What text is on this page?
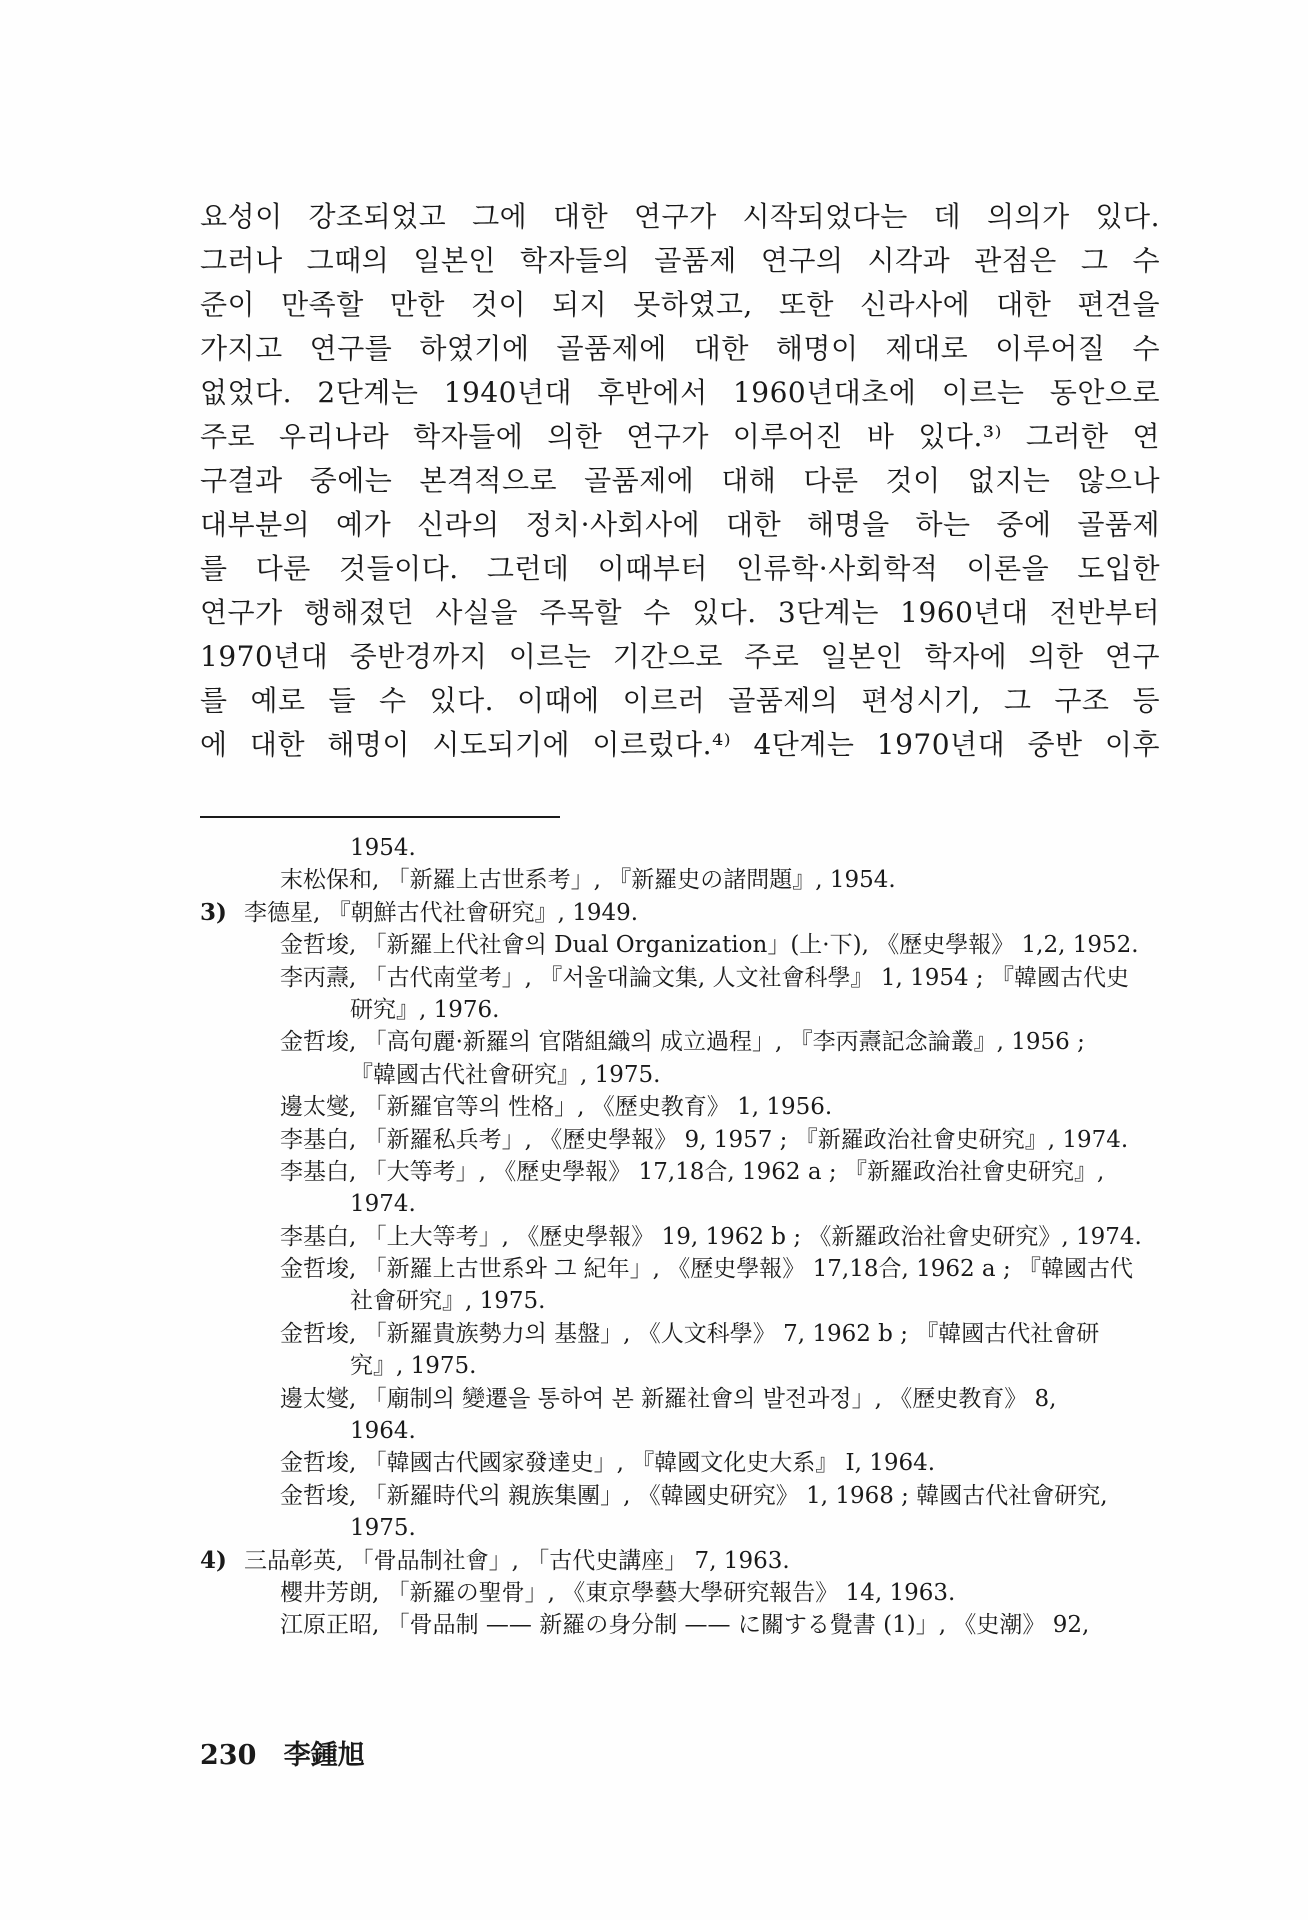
요성이 강조되었고 그에 대한 연구가 시작되었다는 데 의의가 있다.
그러나 그때의 일본인 학자들의 골품제 연구의 시각과 관점은 그 수
준이 만족할 만한 것이 되지 못하였고, 또한 신라사에 대한 편견을
가지고 연구를 하였기에 골품제에 대한 해명이 제대로 이루어질 수
없었다. 2단계는 1940년대 후반에서 1960년대초에 이르는 동안으로
주로 우리나라 학자들에 의한 연구가 이루어진 바 있다.³⁾ 그러한 연
구결과 중에는 본격적으로 골품제에 대해 다룬 것이 없지는 않으나
대부분의 예가 신라의 정치·사회사에 대한 해명을 하는 중에 골품제
를 다룬 것들이다. 그런데 이때부터 인류학·사회학적 이론을 도입한
연구가 행해졌던 사실을 주목할 수 있다. 3단계는 1960년대 전반부터
1970년대 중반경까지 이르는 기간으로 주로 일본인 학자에 의한 연구
를 예로 들 수 있다. 이때에 이르러 골품제의 편성시기, 그 구조 등
에 대한 해명이 시도되기에 이르렀다.⁴⁾ 4단계는 1970년대 중반 이후
1954.
末松保和, 「新羅上古世系考」, 『新羅史の諸問題』, 1954.
3) 李德星, 『朝鮮古代社會研究』, 1949.
金哲埈, 「新羅上代社會의 Dual Organization」(上·下), 《歷史學報》 1,2, 1952.
李丙燾, 「古代南堂考」, 『서울대論文集, 人文社會科學』 1, 1954 ; 『韓國古代史
研究』, 1976.
金哲埈, 「高句麗·新羅의 官階組織의 成立過程」, 『李丙燾記念論叢』, 1956 ;
『韓國古代社會研究』, 1975.
邊太燮, 「新羅官等의 性格」, 《歷史教育》 1, 1956.
李基白, 「新羅私兵考」, 《歷史學報》 9, 1957 ; 『新羅政治社會史研究』, 1974.
李基白, 「大等考」, 《歷史學報》 17,18合, 1962 a ; 『新羅政治社會史研究』,
1974.
李基白, 「上大等考」, 《歷史學報》 19, 1962 b ; 《新羅政治社會史研究》, 1974.
金哲埈, 「新羅上古世系와 그 紀年」, 《歷史學報》 17,18合, 1962 a ; 『韓國古代
社會研究』, 1975.
金哲埈, 「新羅貴族勢力의 基盤」, 《人文科學》 7, 1962 b ; 『韓國古代社會研
究』, 1975.
邊太燮, 「廟制의 變遷을 통하여 본 新羅社會의 발전과정」, 《歷史教育》 8,
1964.
金哲埈, 「韓國古代國家發達史」, 『韓國文化史大系』 I, 1964.
金哲埈, 「新羅時代의 親族集團」, 《韓國史研究》 1, 1968 ; 韓國古代社會研究,
1975.
4) 三品彰英, 「骨品制社會」, 「古代史講座」 7, 1963.
櫻井芳朗, 「新羅の聖骨」, 《東京學藝大學研究報告》 14, 1963.
江原正昭, 「骨品制 —— 新羅の身分制 —— に關する覺書 (1)」, 《史潮》 92,
230 李鍾旭
